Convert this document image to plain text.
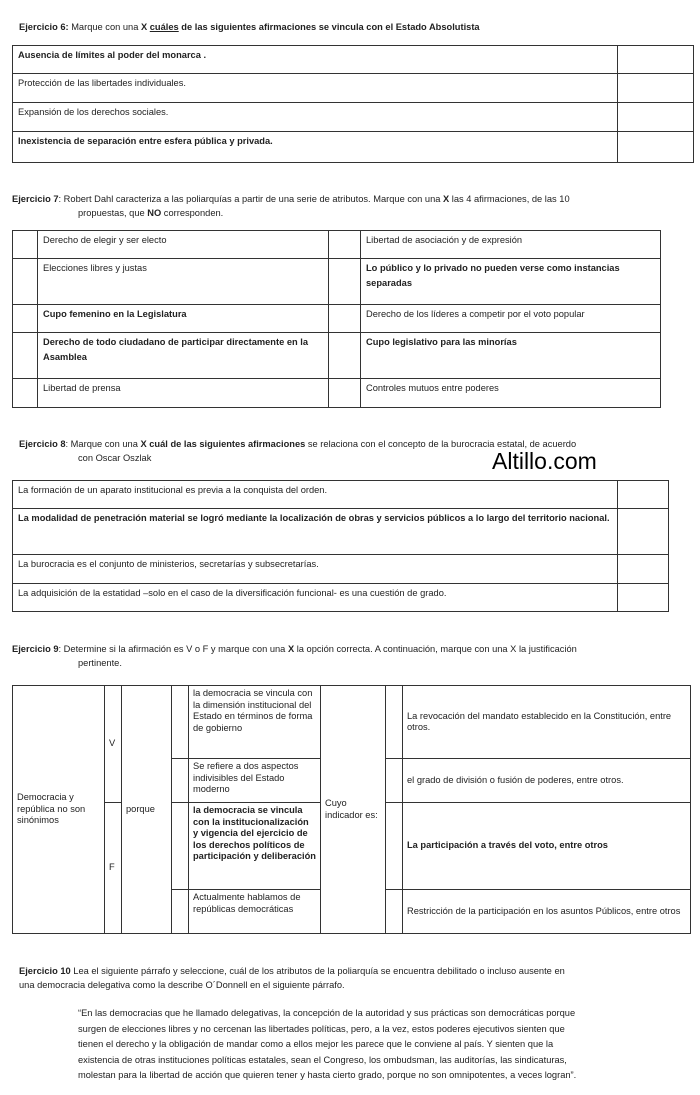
Ejercicio 6: Marque con una X cuáles de las siguientes afirmaciones se vincula con el Estado Absolutista
Ausencia de límites al poder del monarca .	
Protección de las libertades individuales.	
Expansión de los derechos sociales.	
Inexistencia de separación entre esfera pública y privada.	
Ejercicio 7: Robert Dahl caracteriza a las poliarquías a partir de una serie de atributos. Marque con una X las 4 afirmaciones, de las 10
propuestas, que NO corresponden.
	Derecho de elegir y ser electo		Libertad de asociación y de expresión
	Elecciones libres y justas		Lo público y lo privado no pueden verse como instancias separadas
	Cupo femenino en la Legislatura		Derecho de los líderes a competir por el voto popular
	Derecho de todo ciudadano de participar directamente en la Asamblea		Cupo legislativo para las minorías
	Libertad de prensa		Controles mutuos entre poderes
Ejercicio 8: Marque con una X cuál de las siguientes afirmaciones se relaciona con el concepto de la burocracia estatal, de acuerdo
con Oscar Oszlak	Altillo.com
La formación de un aparato institucional es previa a la conquista del orden.	
La modalidad de penetración material se logró mediante la localización de obras y servicios públicos a lo largo del territorio nacional.	
La burocracia es el conjunto de ministerios, secretarías y subsecretarías.	
La adquisición de la estatidad –solo en el caso de la diversificación funcional- es una cuestión de grado.	
Ejercicio 9: Determine si la afirmación es V o F y marque con una X la opción correcta. A continuación, marque con una X la justificación
pertinente.
Democracia y república no son sinónimos	V	porque		la democracia se vincula con la dimensión institucional del Estado en términos de forma de gobierno	Cuyo indicador es:		La revocación del mandato establecido en la Constitución, entre otros.
				Se refiere a dos aspectos indivisibles del Estado moderno			el grado de división o fusión de poderes, entre otros.
	F			la democracia se vincula con la institucionalización y vigencia del ejercicio de los derechos políticos de participación y deliberación			La participación a través del voto, entre otros
				Actualmente hablamos de repúblicas democráticas			Restricción de la participación en los asuntos Públicos, entre otros
Ejercicio 10 Lea el siguiente párrafo y seleccione, cuál de los atributos de la poliarquía se encuentra debilitado o incluso ausente en
una democracia delegativa como la describe O´Donnell en el siguiente párrafo.
“En las democracias que he llamado delegativas, la concepción de la autoridad y sus prácticas son democráticas porque
surgen de elecciones libres y no cercenan las libertades políticas, pero, a la vez, estos poderes ejecutivos sienten que
tienen el derecho y la obligación de mandar como a ellos mejor les parece que le conviene al país. Y sienten que la
existencia de otras instituciones políticas estatales, sean el Congreso, los ombudsman, las auditorías, las sindicaturas,
molestan para la libertad de acción que quieren tener y hasta cierto grado, porque no son omnipotentes, a veces logran”.
